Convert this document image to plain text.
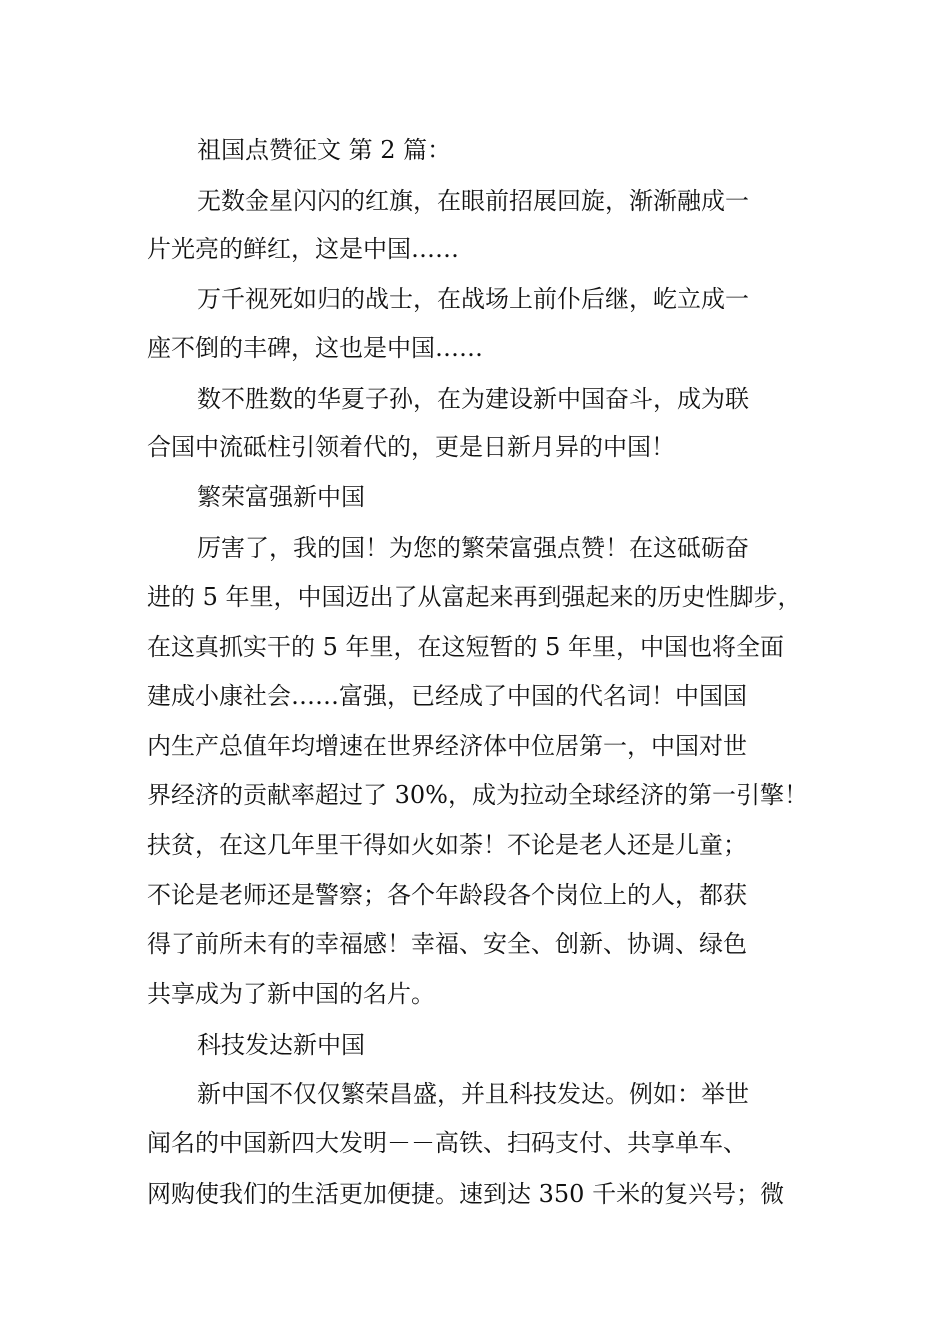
祖国点赞征文 第 2 篇：
无数金星闪闪的红旗，在眼前招展回旋，渐渐融成一
片光亮的鲜红，这是中国……
万千视死如归的战士，在战场上前仆后继，屹立成一
座不倒的丰碑，这也是中国……
数不胜数的华夏子孙，在为建设新中国奋斗，成为联
合国中流砥柱引领着代的，更是日新月异的中国！
繁荣富强新中国
厉害了，我的国！为您的繁荣富强点赞！在这砥砺奋
进的 5 年里，中国迈出了从富起来再到强起来的历史性脚步，
在这真抓实干的 5 年里，在这短暂的 5 年里，中国也将全面
建成小康社会……富强，已经成了中国的代名词！中国国
内生产总值年均增速在世界经济体中位居第一，中国对世
界经济的贡献率超过了 30%，成为拉动全球经济的第一引擎！
扶贫，在这几年里干得如火如荼！不论是老人还是儿童；
不论是老师还是警察；各个年龄段各个岗位上的人，都获
得了前所未有的幸福感！幸福、安全、创新、协调、绿色
共享成为了新中国的名片。
科技发达新中国
新中国不仅仅繁荣昌盛，并且科技发达。例如：举世
闻名的中国新四大发明－－高铁、扫码支付、共享单车、
网购使我们的生活更加便捷。速到达 350 千米的复兴号；微
